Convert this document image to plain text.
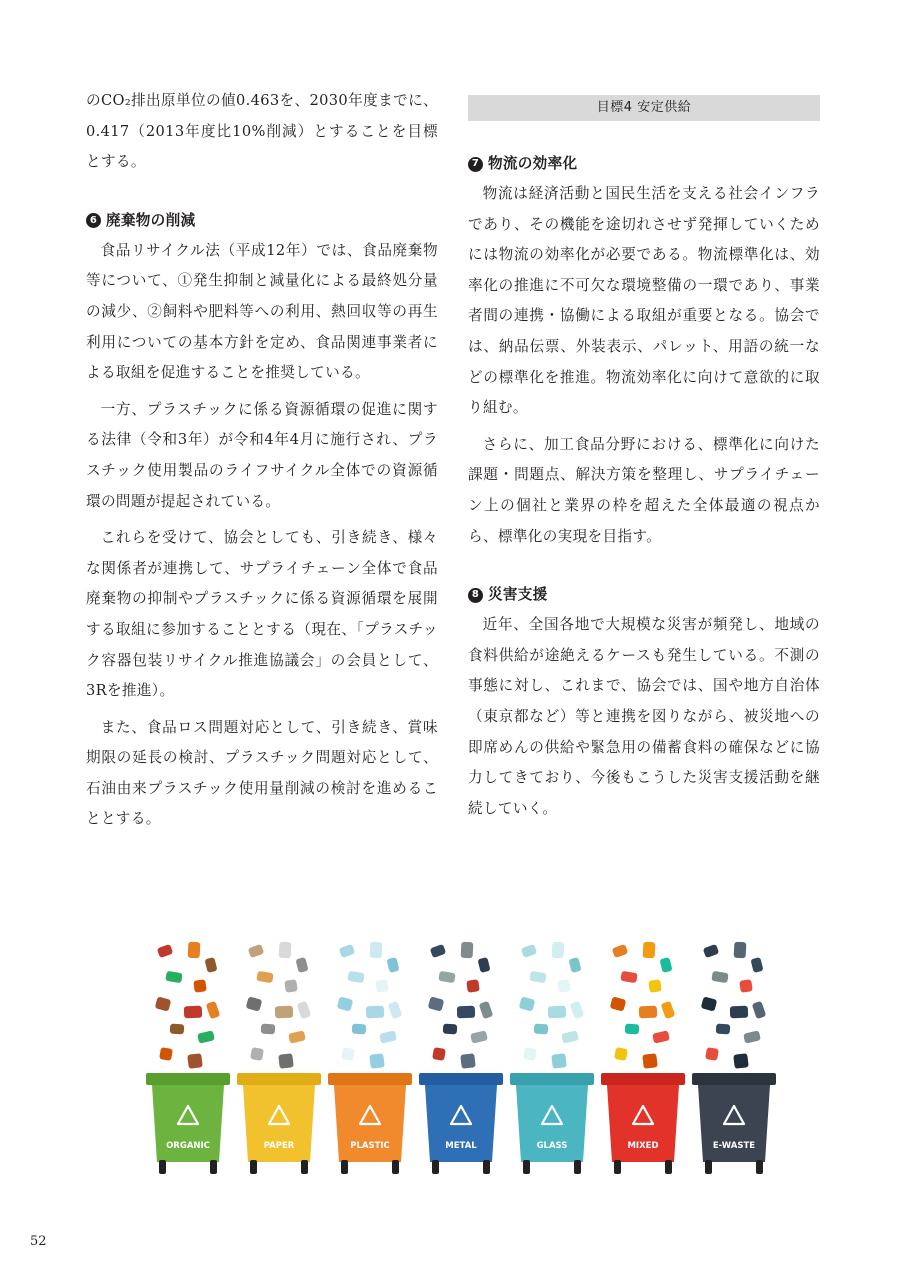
のCO₂排出原単位の値0.463を、2030年度までに、0.417（2013年度比10%削減）とすることを目標とする。

6 廃棄物の削減

食品リサイクル法（平成12年）では、食品廃棄物等について、①発生抑制と減量化による最終処分量の減少、②飼料や肥料等への利用、熱回収等の再生利用についての基本方針を定め、食品関連事業者による取組を促進することを推奨している。

一方、プラスチックに係る資源循環の促進に関する法律（令和3年）が令和4年4月に施行され、プラスチック使用製品のライフサイクル全体での資源循環の問題が提起されている。

これらを受けて、協会としても、引き続き、様々な関係者が連携して、サプライチェーン全体で食品廃棄物の抑制やプラスチックに係る資源循環を展開する取組に参加することとする（現在、「プラスチック容器包装リサイクル推進協議会」の会員として、3Rを推進）。

また、食品ロス問題対応として、引き続き、賞味期限の延長の検討、プラスチック問題対応として、石油由来プラスチック使用量削減の検討を進めることとする。

目標4 安定供給
7 物流の効率化

物流は経済活動と国民生活を支える社会インフラであり、その機能を途切れさせず発揮していくためには物流の効率化が必要である。物流標準化は、効率化の推進に不可欠な環境整備の一環であり、事業者間の連携・協働による取組が重要となる。協会では、納品伝票、外装表示、パレット、用語の統一などの標準化を推進。物流効率化に向けて意欲的に取り組む。

さらに、加工食品分野における、標準化に向けた課題・問題点、解決方策を整理し、サプライチェーン上の個社と業界の枠を超えた全体最適の視点から、標準化の実現を目指す。

8 災害支援

近年、全国各地で大規模な災害が頻発し、地域の食料供給が途絶えるケースも発生している。不測の事態に対し、これまで、協会では、国や地方自治体（東京都など）等と連携を図りながら、被災地への即席めんの供給や緊急用の備蓄食料の確保などに協力してきており、今後もこうした災害支援活動を継続していく。

ORGANIC	PAPER	PLASTIC	METAL	GLASS	MIXED	E-WASTE
52
